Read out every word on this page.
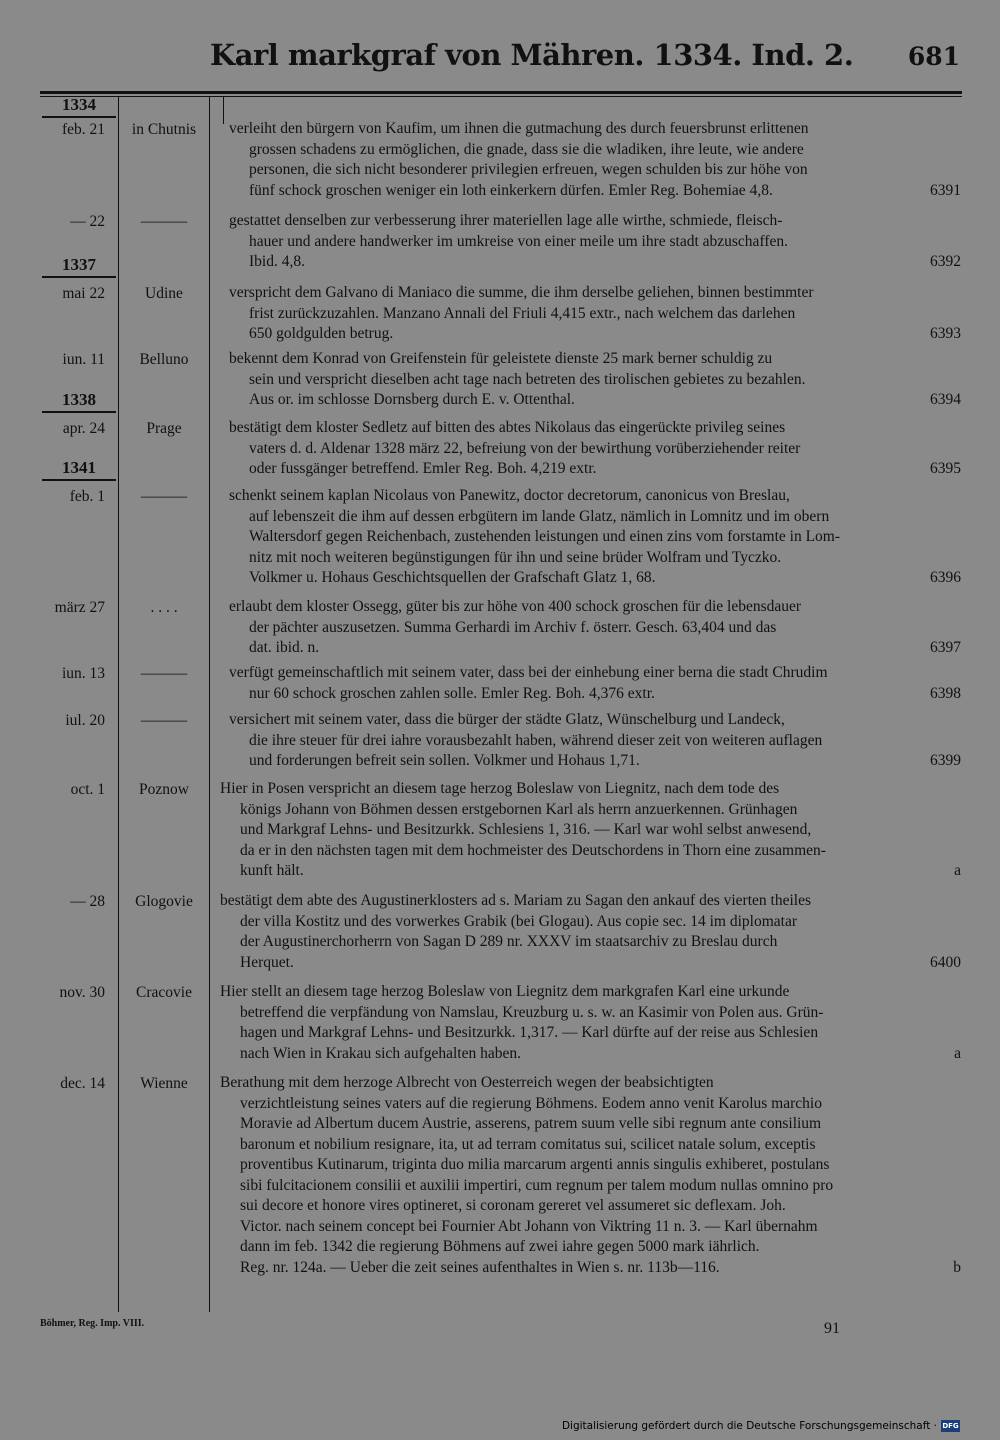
Karl markgraf von Mähren. 1334. Ind. 2. 681
1334
feb. 21	in Chutnis	verleiht den bürgern von Kaufim, um ihnen die gutmachung des durch feuersbrunst erlittenen
grossen schadens zu ermöglichen, die gnade, dass sie die wladiken, ihre leute, wie andere
personen, die sich nicht besonderer privilegien erfreuen, wegen schulden bis zur höhe von
fünf schock groschen weniger ein loth einkerkern dürfen. Emler Reg. Bohemiae 4,8.	6391
— 22	———	gestattet denselben zur verbesserung ihrer materiellen lage alle wirthe, schmiede, fleisch-
hauer und andere handwerker im umkreise von einer meile um ihre stadt abzuschaffen.
Ibid. 4,8.	6392
1337
mai 22	Udine	verspricht dem Galvano di Maniaco die summe, die ihm derselbe geliehen, binnen bestimmter
frist zurückzuzahlen. Manzano Annali del Friuli 4,415 extr., nach welchem das darlehen
650 goldgulden betrug.	6393
iun. 11	Belluno	bekennt dem Konrad von Greifenstein für geleistete dienste 25 mark berner schuldig zu
sein und verspricht dieselben acht tage nach betreten des tirolischen gebietes zu bezahlen.
Aus or. im schlosse Dornsberg durch E. v. Ottenthal.	6394
1338
apr. 24	Prage	bestätigt dem kloster Sedletz auf bitten des abtes Nikolaus das eingerückte privileg seines
vaters d. d. Aldenar 1328 märz 22, befreiung von der bewirthung vorüberziehender reiter
oder fussgänger betreffend. Emler Reg. Boh. 4,219 extr.	6395
1341
feb. 1	———	schenkt seinem kaplan Nicolaus von Panewitz, doctor decretorum, canonicus von Breslau,
auf lebenszeit die ihm auf dessen erbgütern im lande Glatz, nämlich in Lomnitz und im obern
Waltersdorf gegen Reichenbach, zustehenden leistungen und einen zins vom forstamte in Lom-
nitz mit noch weiteren begünstigungen für ihn und seine brüder Wolfram und Tyczko.
Volkmer u. Hohaus Geschichtsquellen der Grafschaft Glatz 1, 68.	6396
märz 27	. . . .	erlaubt dem kloster Ossegg, güter bis zur höhe von 400 schock groschen für die lebensdauer
der pächter auszusetzen. Summa Gerhardi im Archiv f. österr. Gesch. 63,404 und das
dat. ibid. n.	6397
iun. 13	———	verfügt gemeinschaftlich mit seinem vater, dass bei der einhebung einer berna die stadt Chrudim
nur 60 schock groschen zahlen solle. Emler Reg. Boh. 4,376 extr.	6398
iul. 20	———	versichert mit seinem vater, dass die bürger der städte Glatz, Wünschelburg und Landeck,
die ihre steuer für drei iahre vorausbezahlt haben, während dieser zeit von weiteren auflagen
und forderungen befreit sein sollen. Volkmer und Hohaus 1,71.	6399
oct. 1	Poznow	Hier in Posen verspricht an diesem tage herzog Boleslaw von Liegnitz, nach dem tode des
königs Johann von Böhmen dessen erstgebornen Karl als herrn anzuerkennen. Grünhagen
und Markgraf Lehns- und Besitzurkk. Schlesiens 1, 316. — Karl war wohl selbst anwesend,
da er in den nächsten tagen mit dem hochmeister des Deutschordens in Thorn eine zusammen-
kunft hält.	a
— 28	Glogovie	bestätigt dem abte des Augustinerklosters ad s. Mariam zu Sagan den ankauf des vierten theiles
der villa Kostitz und des vorwerkes Grabik (bei Glogau). Aus copie sec. 14 im diplomatar
der Augustinerchorherrn von Sagan D 289 nr. XXXV im staatsarchiv zu Breslau durch
Herquet.	6400
nov. 30	Cracovie	Hier stellt an diesem tage herzog Boleslaw von Liegnitz dem markgrafen Karl eine urkunde
betreffend die verpfändung von Namslau, Kreuzburg u. s. w. an Kasimir von Polen aus. Grün-
hagen und Markgraf Lehns- und Besitzurkk. 1,317. — Karl dürfte auf der reise aus Schlesien
nach Wien in Krakau sich aufgehalten haben.	a
dec. 14	Wienne	Berathung mit dem herzoge Albrecht von Oesterreich wegen der beabsichtigten
verzichtleistung seines vaters auf die regierung Böhmens. Eodem anno venit Karolus marchio
Moravie ad Albertum ducem Austrie, asserens, patrem suum velle sibi regnum ante consilium
baronum et nobilium resignare, ita, ut ad terram comitatus sui, scilicet natale solum, exceptis
proventibus Kutinarum, triginta duo milia marcarum argenti annis singulis exhiberet, postulans
sibi fulcitacionem consilii et auxilii impertiri, cum regnum per talem modum nullas omnino pro
sui decore et honore vires optineret, si coronam gereret vel assumeret sic deflexam. Joh.
Victor. nach seinem concept bei Fournier Abt Johann von Viktring 11 n. 3. — Karl übernahm
dann im feb. 1342 die regierung Böhmens auf zwei iahre gegen 5000 mark iährlich.
Reg. nr. 124a. — Ueber die zeit seines aufenthaltes in Wien s. nr. 113b—116.	b
Böhmer, Reg. Imp. VIII.	91
Digitalisierung gefördert durch die Deutsche Forschungsgemeinschaft · DFG
